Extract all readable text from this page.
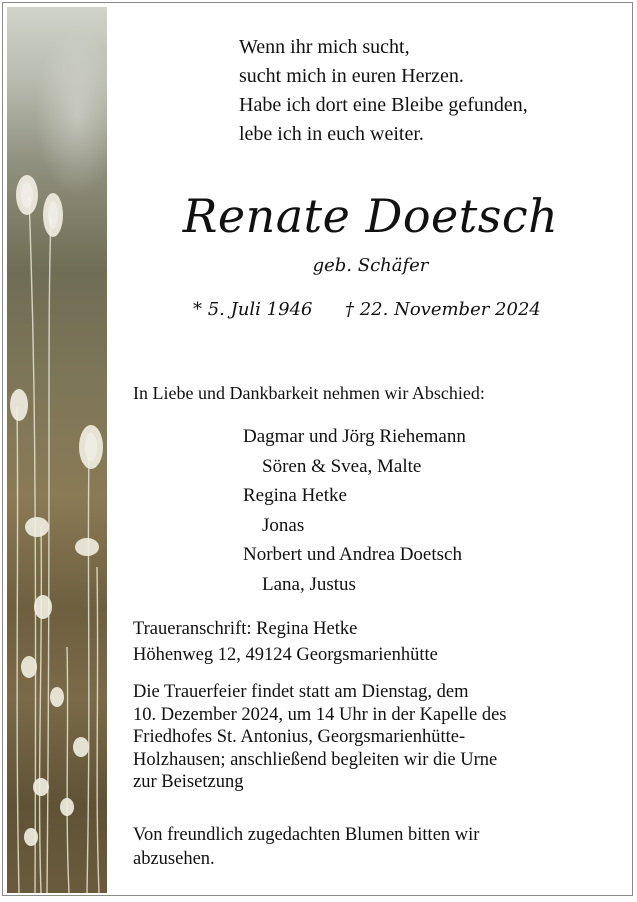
Wenn ihr mich sucht,
sucht mich in euren Herzen.
Habe ich dort eine Bleibe gefunden,
lebe ich in euch weiter.
Renate Doetsch
geb. Schäfer
* 5. Juli 1946 † 22. November 2024
In Liebe und Dankbarkeit nehmen wir Abschied:
Dagmar und Jörg Riehemann
Sören & Svea, Malte
Regina Hetke
Jonas
Norbert und Andrea Doetsch
Lana, Justus
Traueranschrift: Regina Hetke
Höhenweg 12, 49124 Georgsmarienhütte
Die Trauerfeier findet statt am Dienstag, dem
10. Dezember 2024, um 14 Uhr in der Kapelle des
Friedhofes St. Antonius, Georgsmarienhütte-
Holzhausen; anschließend begleiten wir die Urne
zur Beisetzung
Von freundlich zugedachten Blumen bitten wir
abzusehen.
